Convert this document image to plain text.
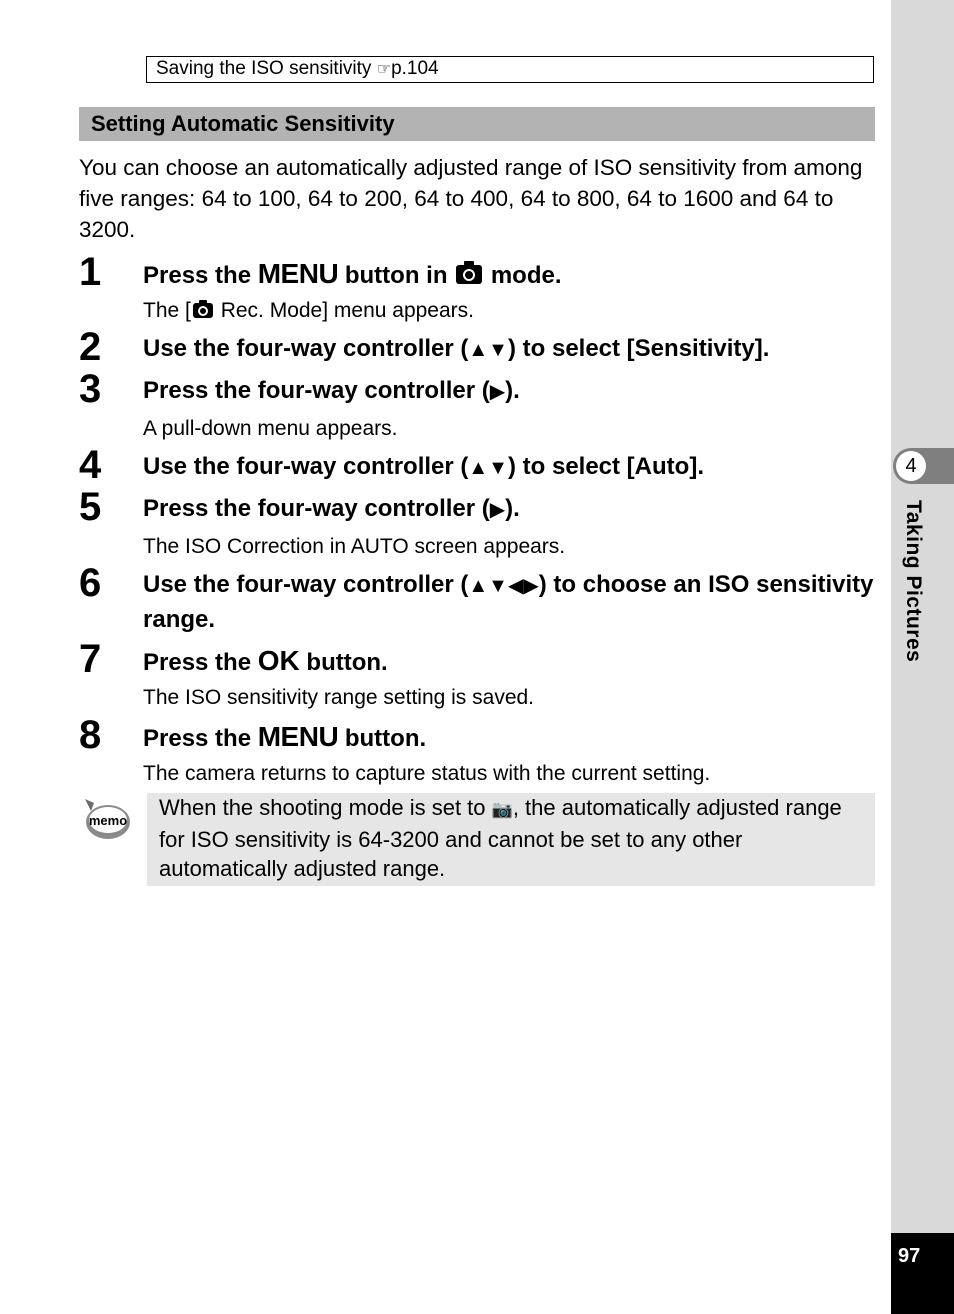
4
Taking Pictures
97
Saving the ISO sensitivity ☞p.104
Setting Automatic Sensitivity

You can choose an automatically adjusted range of ISO sensitivity from among five ranges: 64 to 100, 64 to 200, 64 to 400, 64 to 800, 64 to 1600 and 64 to 3200.

1	Press the MENU button in  mode.
The [ Rec. Mode] menu appears.
2	Use the four-way controller (▲▼) to select [Sensitivity].
3	Press the four-way controller (▶).
A pull-down menu appears.
4	Use the four-way controller (▲▼) to select [Auto].
5	Press the four-way controller (▶).
The ISO Correction in AUTO screen appears.
6	Use the four-way controller (▲▼◀▶) to choose an ISO sensitivity range.
7	Press the OK button.
The ISO sensitivity range setting is saved.
8	Press the MENU button.
The camera returns to capture status with the current setting.
memo
When the shooting mode is set to 📷, the automatically adjusted range for ISO sensitivity is 64-3200 and cannot be set to any other automatically adjusted range.
